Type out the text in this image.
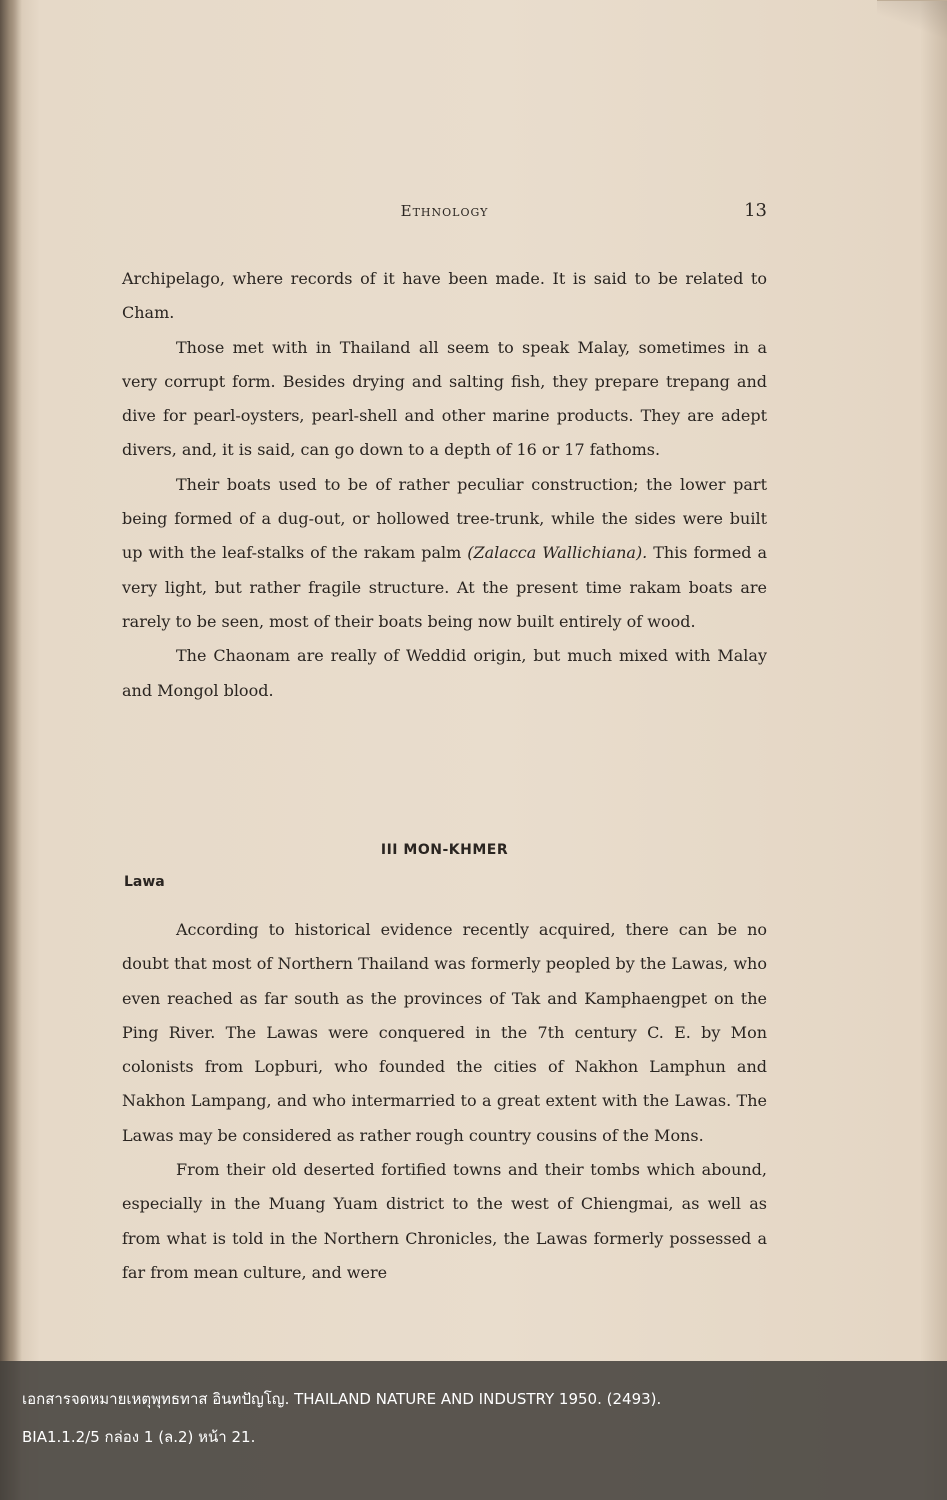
Ethnology	13

Archipelago, where records of it have been made. It is said to be related to Cham.

Those met with in Thailand all seem to speak Malay, sometimes in a very corrupt form. Besides drying and salting fish, they prepare trepang and dive for pearl-oysters, pearl-shell and other marine products. They are adept divers, and, it is said, can go down to a depth of 16 or 17 fathoms.

Their boats used to be of rather peculiar construction; the lower part being formed of a dug-out, or hollowed tree-trunk, while the sides were built up with the leaf-stalks of the rakam palm (Zalacca Wallichiana). This formed a very light, but rather fragile structure. At the present time rakam boats are rarely to be seen, most of their boats being now built entirely of wood.

The Chaonam are really of Weddid origin, but much mixed with Malay and Mongol blood.

III MON-KHMER
Lawa

According to historical evidence recently acquired, there can be no doubt that most of Northern Thailand was formerly peopled by the Lawas, who even reached as far south as the provinces of Tak and Kamphaengpet on the Ping River. The Lawas were conquered in the 7th century C. E. by Mon colonists from Lopburi, who founded the cities of Nakhon Lamphun and Nakhon Lampang, and who intermarried to a great extent with the Lawas. The Lawas may be considered as rather rough country cousins of the Mons.

From their old deserted fortified towns and their tombs which abound, especially in the Muang Yuam district to the west of Chiengmai, as well as from what is told in the Northern Chronicles, the Lawas formerly possessed a far from mean culture, and were

เอกสารจดหมายเหตุพุทธทาส อินทปัญโญ. THAILAND NATURE AND INDUSTRY 1950. (2493).
BIA1.1.2/5 กล่อง 1 (ล.2) หน้า 21.
